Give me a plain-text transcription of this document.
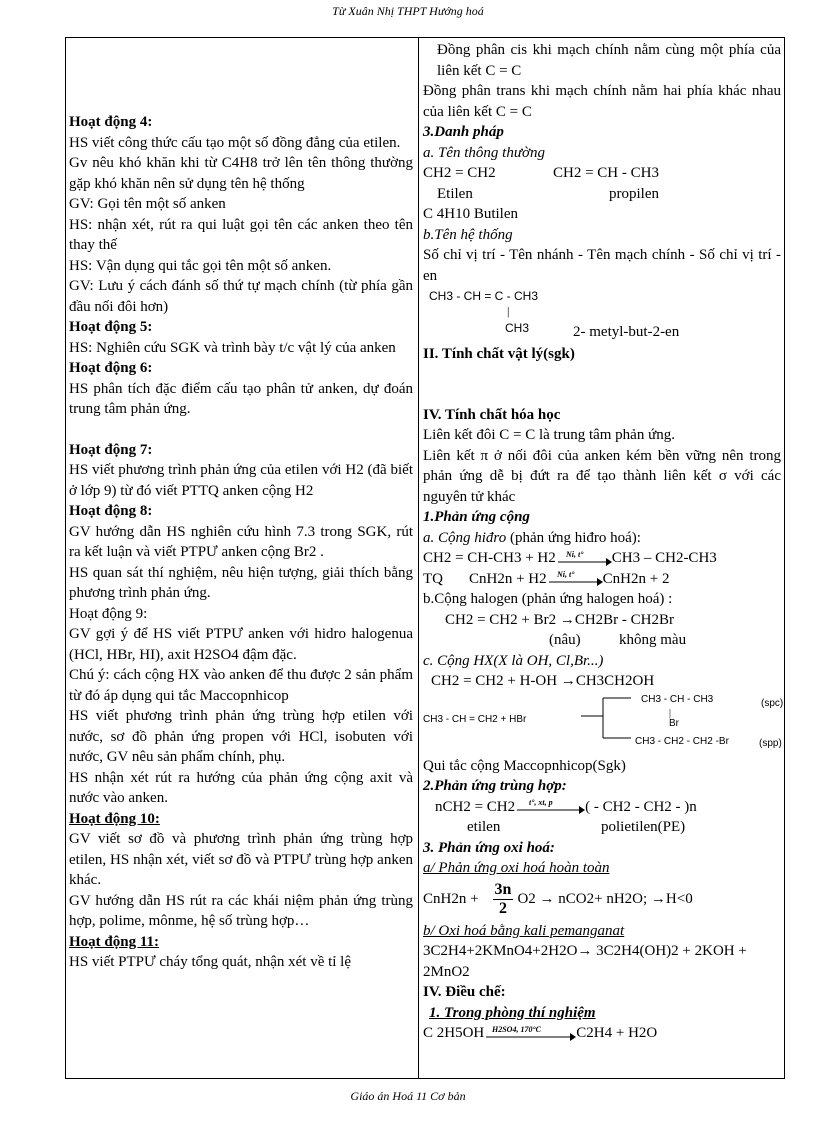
Từ Xuân Nhị THPT Hướng hoá

Hoạt động 4:

HS viết công thức cấu tạo một số đồng đẳng của etilen.

Gv nêu khó khăn khi từ C4H8 trở lên tên thông thường gặp khó khăn nên sử dụng tên hệ thống

GV: Gọi tên một số anken

HS: nhận xét, rút ra qui luật gọi tên các anken theo tên thay thế

HS: Vận dụng qui tắc gọi tên một số anken.

GV: Lưu ý cách đánh số thứ tự mạch chính (từ phía gần đầu nối đôi hơn)

Hoạt động 5:

HS: Nghiên cứu SGK và trình bày t/c vật lý của anken

Hoạt động 6:

HS phân tích đặc điểm cấu tạo phân tử anken, dự đoán trung tâm phản ứng.

Hoạt động 7:

HS viết phương trình phản ứng của etilen với H2 (đã biết ở lớp 9) từ đó viết PTTQ anken cộng H2

Hoạt động 8:

GV hướng dẫn HS nghiên cứu hình 7.3 trong SGK, rút ra kết luận và viết PTPƯ anken cộng Br2 .

HS quan sát thí nghiệm, nêu hiện tượng, giải thích bằng phương trình phản ứng.

Hoạt động 9:

GV gợi ý để HS viết PTPƯ anken với hidro halogenua (HCl, HBr, HI), axit H2SO4 đậm đặc.

Chú ý: cách cộng HX vào anken để thu được 2 sản phẩm từ đó áp dụng qui tắc Maccopnhicop

HS viết phương trình phản ứng trùng hợp etilen với nước, sơ đồ phản ứng propen với HCl, isobuten với nước, GV nêu sản phẩm chính, phụ.

HS nhận xét rút ra hướng của phản ứng cộng axit và nước vào anken.

Hoạt động 10:

GV viết sơ đồ và phương trình phản ứng trùng hợp etilen, HS nhận xét, viết sơ đồ và PTPƯ trùng hợp anken khác.

GV hướng dẫn HS rút ra các khái niệm phản ứng trùng hợp, polime, mônme, hệ số trùng hợp…

Hoạt động 11:

HS viết PTPƯ cháy tổng quát, nhận xét về tỉ lệ

Đồng phân cis khi mạch chính nằm cùng một phía của liên kết C = C

Đồng phân trans khi mạch chính nằm hai phía khác nhau của liên kết C = C

3.Danh pháp

a. Tên thông thường

CH2 = CH2	CH2 = CH - CH3
Etilen	propilen

C 4H10 Butilen

b.Tên hệ thống

Số chỉ vị trí - Tên nhánh - Tên mạch chính - Số chỉ vị trí - en

CH3 - CH = C - CH3
|
CH3	2- metyl-but-2-en

II. Tính chất vật lý(sgk)

IV. Tính chất hóa học

Liên kết đôi C = C là trung tâm phản ứng.

Liên kết π ở nối đôi của anken kém bền vững nên trong phản ứng dễ bị đứt ra để tạo thành liên kết σ với các nguyên tử khác

1.Phản ứng cộng

a. Cộng hiđro (phản ứng hiđro hoá):

CH2 = CH-CH3 + H2 Ni, t° CH3 – CH2-CH3
TQ	CnH2n + H2 Ni, t° CnH2n + 2

b.Cộng halogen (phản ứng halogen hoá) :

CH2 = CH2 + Br2 →CH2Br - CH2Br

(nâu)	không màu

c. Cộng HX(X là OH, Cl,Br...)

CH2 = CH2 + H-OH →CH3CH2OH

CH3 - CH = CH2 + HBr
CH3 - CH - CH3	(spc)
|
Br
CH3 - CH2 - CH2 -Br	(spp)

Qui tắc cộng Maccopnhicop(Sgk)

2.Phản ứng trùng hợp:

nCH2 = CH2 t°, xt, p ( - CH2 - CH2 - )n
etilen	polietilen(PE)

3. Phản ứng oxi hoá:

a/ Phản ứng oxi hoá hoàn toàn

$CnH2n + \frac{3n}{2} O2 \to nCO2+ nH2O$; →H<0

b/ Oxi hoá bằng kali pemanganat

3C2H4+2KMnO4+2H2O→ 3C2H4(OH)2 + 2KOH + 2MnO2

IV. Điều chế:

1. Trong phòng thí nghiệm

C 2H5OH H2SO4, 170°C C2H4 + H2O
Giáo án Hoá 11 Cơ bản
